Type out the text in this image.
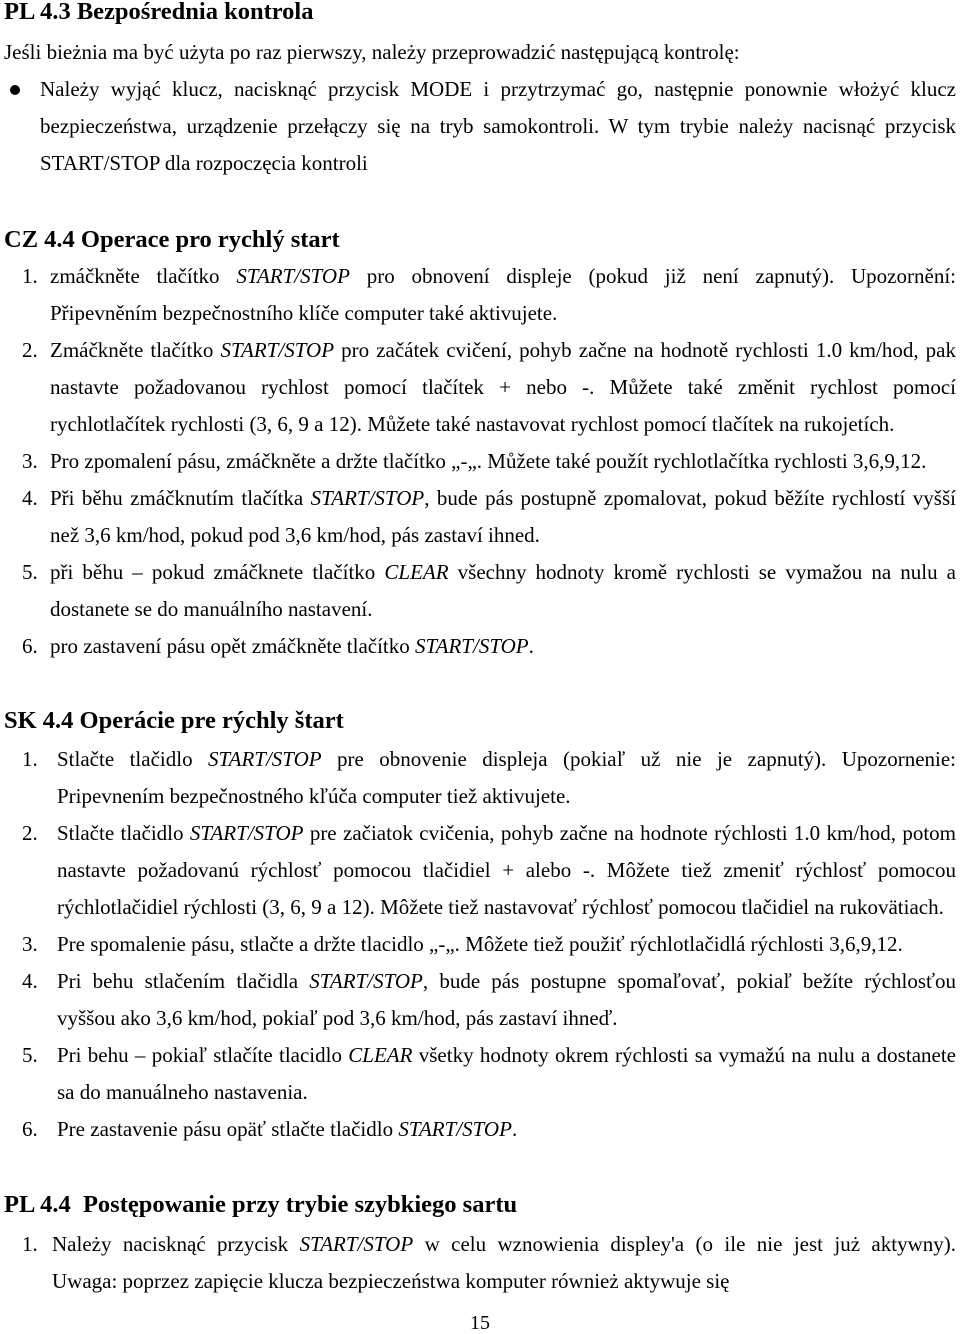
PL 4.3 Bezpośrednia kontrola
Jeśli bieżnia ma być użyta po raz pierwszy, należy przeprowadzić następującą kontrolę:
Należy wyjąć klucz, nacisknąć przycisk MODE i przytrzymać go, następnie ponownie włożyć klucz
bezpieczeństwa, urządzenie przełączy się na tryb samokontroli. W tym trybie należy nacisnąć przycisk
START/STOP dla rozpoczęcia kontroli
CZ 4.4 Operace pro rychlý start
1. zmáčkněte tlačítko START/STOP pro obnovení displeje (pokud již není zapnutý). Upozornění:
Připevněním bezpečnostního klíče computer také aktivujete.
2. Zmáčkněte tlačítko START/STOP pro začátek cvičení, pohyb začne na hodnotě rychlosti 1.0 km/hod, pak
nastavte požadovanou rychlost pomocí tlačítek + nebo -. Můžete také změnit rychlost pomocí
rychlotlačítek rychlosti (3, 6, 9 a 12). Můžete také nastavovat rychlost pomocí tlačítek na rukojetích.
3. Pro zpomalení pásu, zmáčkněte a držte tlačítko „-„. Můžete také použít rychlotlačítka rychlosti 3,6,9,12.
4. Při běhu zmáčknutím tlačítka START/STOP, bude pás postupně zpomalovat, pokud běžíte rychlostí vyšší
než 3,6 km/hod, pokud pod 3,6 km/hod, pás zastaví ihned.
5. při běhu – pokud zmáčknete tlačítko CLEAR všechny hodnoty kromě rychlosti se vymažou na nulu a
dostanete se do manuálního nastavení.
6. pro zastavení pásu opět zmáčkněte tlačítko START/STOP.
SK 4.4 Operácie pre rýchly štart
1. Stlačte tlačidlo START/STOP pre obnovenie displeja (pokiaľ už nie je zapnutý). Upozornenie:
Pripevnením bezpečnostného kľúča computer tiež aktivujete.
2. Stlačte tlačidlo START/STOP pre začiatok cvičenia, pohyb začne na hodnote rýchlosti 1.0 km/hod, potom
nastavte požadovanú rýchlosť pomocou tlačidiel + alebo -. Môžete tiež zmeniť rýchlosť pomocou
rýchlotlačidiel rýchlosti (3, 6, 9 a 12). Môžete tiež nastavovať rýchlosť pomocou tlačidiel na rukovätiach.
3. Pre spomalenie pásu, stlačte a držte tlacidlo „-„. Môžete tiež použiť rýchlotlačidlá rýchlosti 3,6,9,12.
4. Pri behu stlačením tlačidla START/STOP, bude pás postupne spomaľovať, pokiaľ bežíte rýchlosťou
vyššou ako 3,6 km/hod, pokiaľ pod 3,6 km/hod, pás zastaví ihneď.
5. Pri behu – pokiaľ stlačíte tlacidlo CLEAR všetky hodnoty okrem rýchlosti sa vymažú na nulu a dostanete
sa do manuálneho nastavenia.
6. Pre zastavenie pásu opäť stlačte tlačidlo START/STOP.
PL 4.4  Postępowanie przy trybie szybkiego sartu
1. Należy nacisknąć przycisk START/STOP w celu wznowienia displey'a (o ile nie jest już aktywny).
Uwaga: poprzez zapięcie klucza bezpieczeństwa komputer również aktywuje się
15
